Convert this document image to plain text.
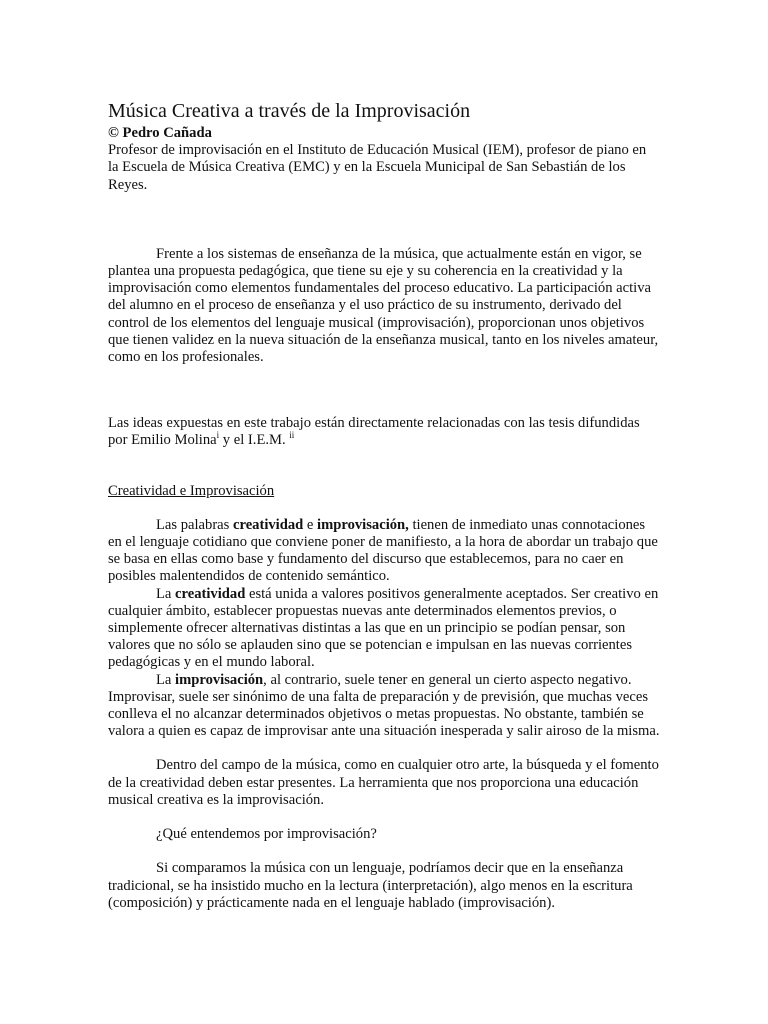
Música Creativa a través de la Improvisación

© Pedro Cañada

Profesor de improvisación en el Instituto de Educación Musical (IEM), profesor de piano en la Escuela de Música Creativa (EMC) y en la Escuela Municipal de San Sebastián de los Reyes.

Frente a los sistemas de enseñanza de la música, que actualmente están en vigor, se plantea una propuesta pedagógica, que tiene su eje y su coherencia en la creatividad y la improvisación como elementos fundamentales del proceso educativo. La participación activa del alumno en el proceso de enseñanza y el uso práctico de su instrumento, derivado del control de los elementos del lenguaje musical (improvisación), proporcionan unos objetivos que tienen validez en la nueva situación de la enseñanza musical, tanto en los niveles amateur, como en los profesionales.

Las ideas expuestas en este trabajo están directamente relacionadas con las tesis difundidas por Emilio Molina$^i$ y el I.E.M. $^{ii}$

Creatividad e Improvisación

Las palabras creatividad e improvisación, tienen de inmediato unas connotaciones en el lenguaje cotidiano que conviene poner de manifiesto, a la hora de abordar un trabajo que se basa en ellas como base y fundamento del discurso que establecemos, para no caer en posibles malentendidos de contenido semántico.

La creatividad está unida a valores positivos generalmente aceptados. Ser creativo en cualquier ámbito, establecer propuestas nuevas ante determinados elementos previos, o simplemente ofrecer alternativas distintas a las que en un principio se podían pensar, son valores que no sólo se aplauden sino que se potencian e impulsan en las nuevas corrientes pedagógicas y en el mundo laboral.

La improvisación, al contrario, suele tener en general un cierto aspecto negativo. Improvisar, suele ser sinónimo de una falta de preparación y de previsión, que muchas veces conlleva el no alcanzar determinados objetivos o metas propuestas. No obstante, también se valora a quien es capaz de improvisar ante una situación inesperada y salir airoso de la misma.

Dentro del campo de la música, como en cualquier otro arte, la búsqueda y el fomento de la creatividad deben estar presentes. La herramienta que nos proporciona una educación musical creativa es la improvisación.

¿Qué entendemos por improvisación?

Si comparamos la música con un lenguaje, podríamos decir que en la enseñanza tradicional, se ha insistido mucho en la lectura (interpretación), algo menos en la escritura (composición) y prácticamente nada en el lenguaje hablado (improvisación).
